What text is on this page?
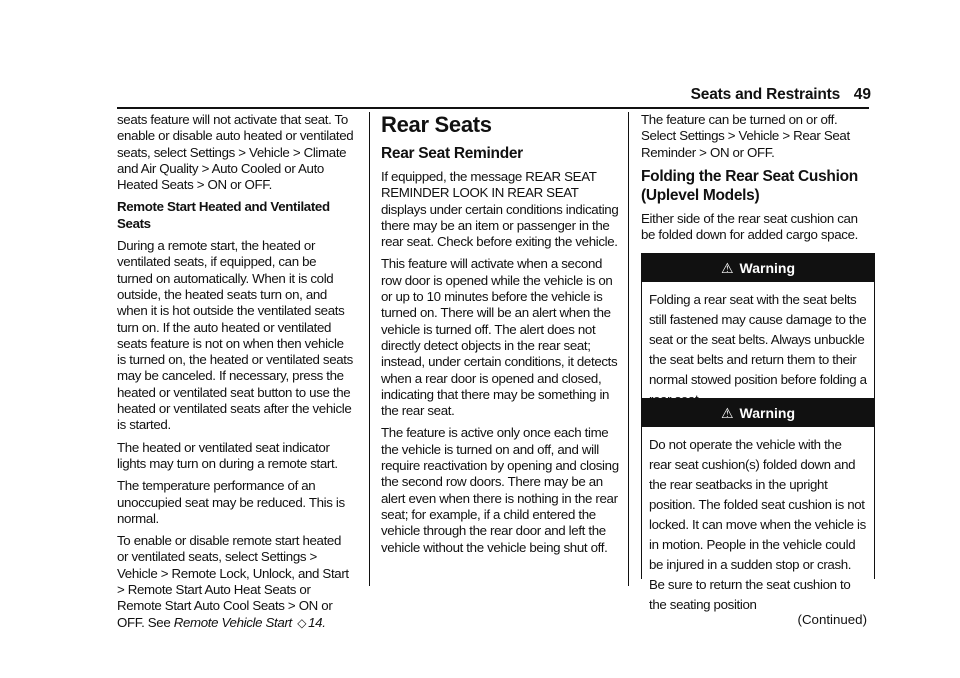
Seats and Restraints 49

seats feature will not activate that seat. To enable or disable auto heated or ventilated seats, select Settings > Vehicle > Climate and Air Quality > Auto Cooled or Auto Heated Seats > ON or OFF.

Remote Start Heated and Ventilated Seats

During a remote start, the heated or ventilated seats, if equipped, can be turned on automatically. When it is cold outside, the heated seats turn on, and when it is hot outside the ventilated seats turn on. If the auto heated or ventilated seats feature is not on when then vehicle is turned on, the heated or ventilated seats may be canceled. If necessary, press the heated or ventilated seat button to use the heated or ventilated seats after the vehicle is started.

The heated or ventilated seat indicator lights may turn on during a remote start.

The temperature performance of an unoccupied seat may be reduced. This is normal.

To enable or disable remote start heated or ventilated seats, select Settings > Vehicle > Remote Lock, Unlock, and Start > Remote Start Auto Heat Seats or Remote Start Auto Cool Seats > ON or OFF. See Remote Vehicle Start ◇ 14.

Rear Seats
Rear Seat Reminder

If equipped, the message REAR SEAT REMINDER LOOK IN REAR SEAT displays under certain conditions indicating there may be an item or passenger in the rear seat. Check before exiting the vehicle.

This feature will activate when a second row door is opened while the vehicle is on or up to 10 minutes before the vehicle is turned on. There will be an alert when the vehicle is turned off. The alert does not directly detect objects in the rear seat; instead, under certain conditions, it detects when a rear door is opened and closed, indicating that there may be something in the rear seat.

The feature is active only once each time the vehicle is turned on and off, and will require reactivation by opening and closing the second row doors. There may be an alert even when there is nothing in the rear seat; for example, if a child entered the vehicle through the rear door and left the vehicle without the vehicle being shut off.

The feature can be turned on or off. Select Settings > Vehicle > Rear Seat Reminder > ON or OFF.

Folding the Rear Seat Cushion (Uplevel Models)

Either side of the rear seat cushion can be folded down for added cargo space.

⚠ Warning

Folding a rear seat with the seat belts still fastened may cause damage to the seat or the seat belts. Always unbuckle the seat belts and return them to their normal stowed position before folding a

⚠ Warning

Do not operate the vehicle with the rear seat cushion(s) folded down and the rear seatbacks in the upright position. The folded seat cushion is not locked. It can move when the vehicle is in motion. People in the vehicle could be injured in a sudden stop or crash. Be sure to return the seat cushion to the seating position

(Continued)
